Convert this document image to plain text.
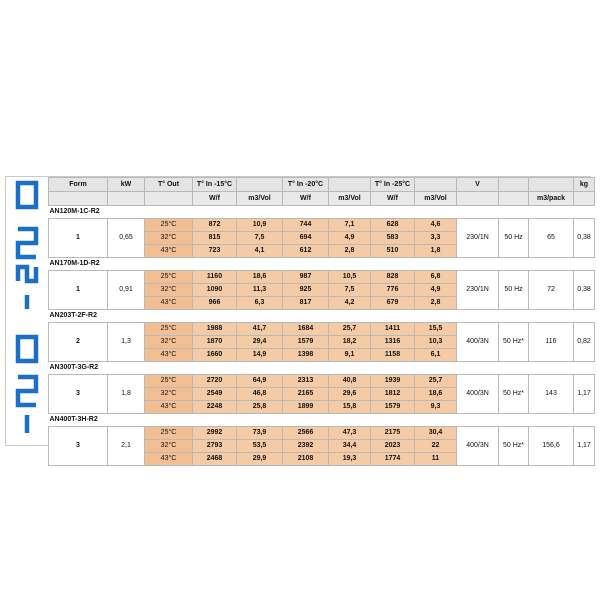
Form	kW	T° Out	T° In -15°C		T° In -20°C		T° In -25°C		V			kg
			W/f	m3/Vol	W/f	m3/Vol	W/f	m3/Vol			m3/pack	
AN120M-1C-R2												
1	0,65	25°C	872	10,9	744	7,1	628	4,6	230/1N	50 Hz	65	0,38
		32°C	815	7,5	694	4,9	583	3,3				
		43°C	723	4,1	612	2,8	510	1,8				
AN170M-1D-R2												
1	0,91	25°C	1160	18,6	987	10,5	828	6,8	230/1N	50 Hz	72	0,38
		32°C	1090	11,3	925	7,5	776	4,9				
		43°C	966	6,3	817	4,2	679	2,8				
AN203T-2F-R2												
2	1,3	25°C	1988	41,7	1684	25,7	1411	15,5	400/3N	50 Hz*	116	0,82
		32°C	1870	29,4	1579	18,2	1316	10,3				
		43°C	1660	14,9	1398	9,1	1158	6,1				
AN300T-3G-R2												
3	1,8	25°C	2720	64,9	2313	40,8	1939	25,7	400/3N	50 Hz*	143	1,17
		32°C	2549	46,8	2165	29,6	1812	18,6				
		43°C	2248	25,8	1899	15,8	1579	9,3				
AN400T-3H-R2												
3	2,1	25°C	2992	73,9	2566	47,3	2175	30,4	400/3N	50 Hz*	156,6	1,17
		32°C	2793	53,5	2392	34,4	2023	22				
		43°C	2468	29,9	2108	19,3	1774	11				
